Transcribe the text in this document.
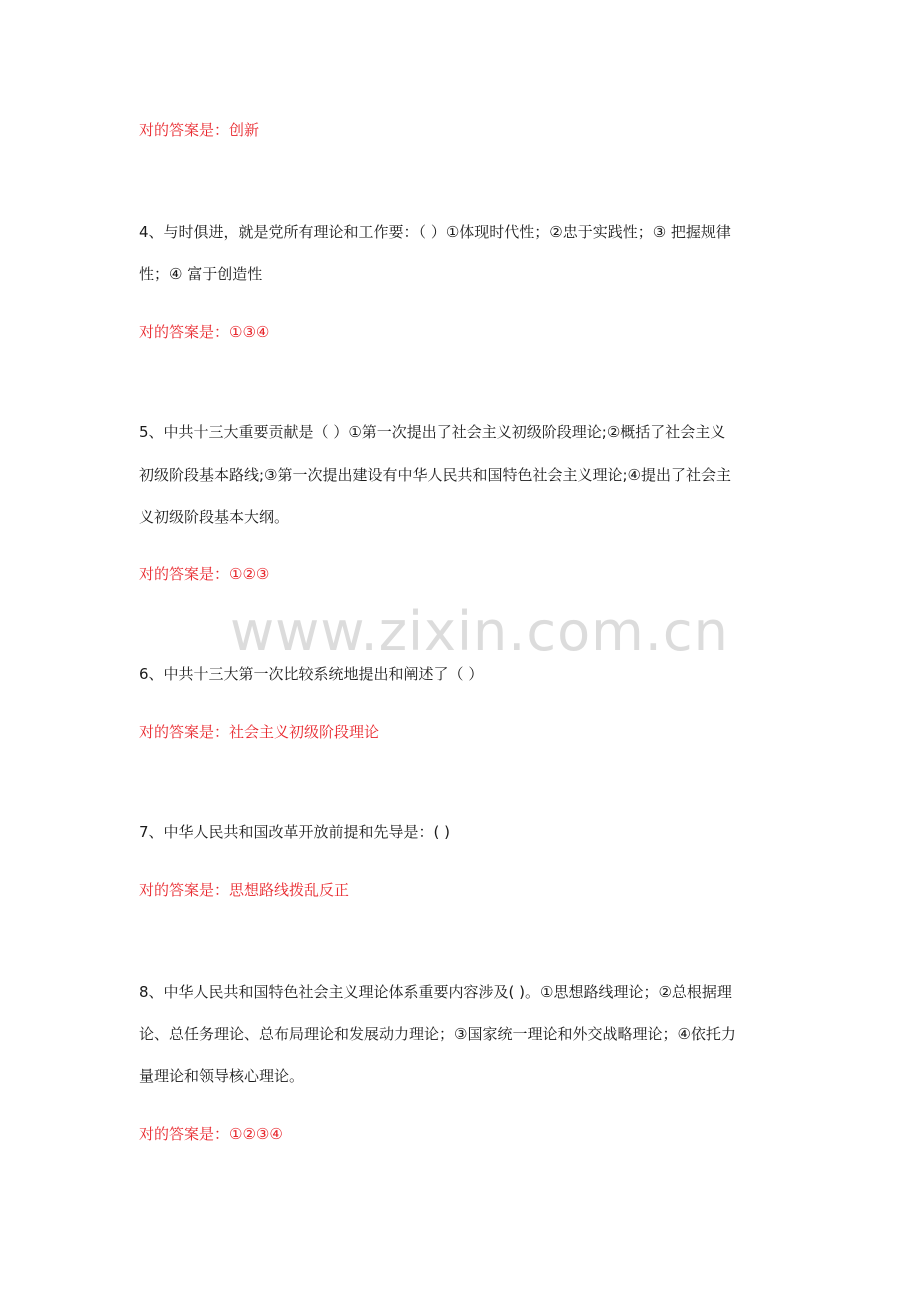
对的答案是：创新
4、与时俱进，就是党所有理论和工作要：（ ）①体现时代性；②忠于实践性；③ 把握规律
性；④ 富于创造性
对的答案是：①③④
5、中共十三大重要贡献是（ ）①第一次提出了社会主义初级阶段理论;②概括了社会主义
初级阶段基本路线;③第一次提出建设有中华人民共和国特色社会主义理论;④提出了社会主
义初级阶段基本大纲。
对的答案是：①②③
www.zixin.com.cn
6、中共十三大第一次比较系统地提出和阐述了（ ）
对的答案是：社会主义初级阶段理论
7、中华人民共和国改革开放前提和先导是：( )
对的答案是：思想路线拨乱反正
8、中华人民共和国特色社会主义理论体系重要内容涉及( )。①思想路线理论；②总根据理
论、总任务理论、总布局理论和发展动力理论；③国家统一理论和外交战略理论；④依托力
量理论和领导核心理论。
对的答案是：①②③④
